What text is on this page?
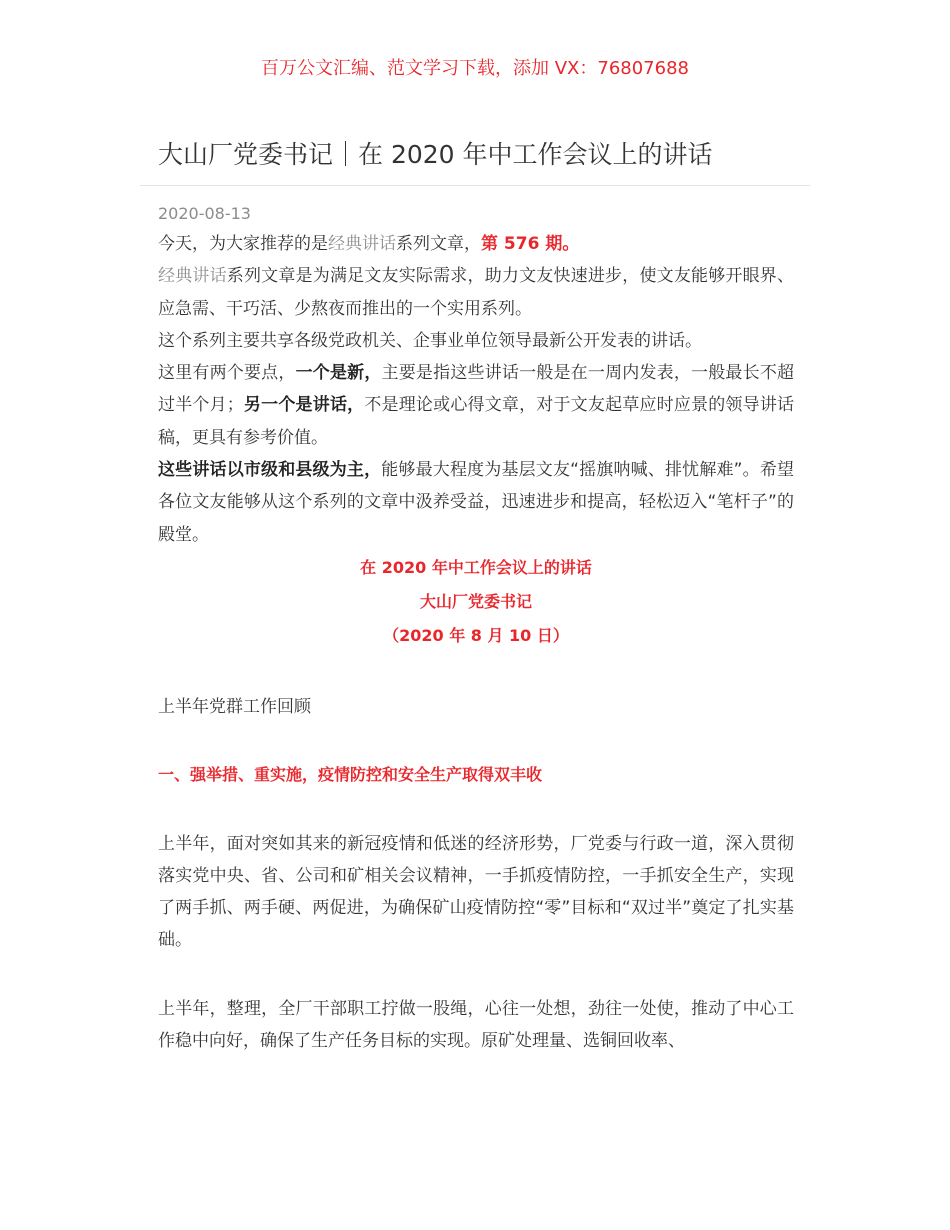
百万公文汇编、范文学习下载，添加 VX：76807688
大山厂党委书记｜在 2020 年中工作会议上的讲话
2020-08-13

今天，为大家推荐的是经典讲话系列文章，第 576 期。

经典讲话系列文章是为满足文友实际需求，助力文友快速进步，使文友能够开眼界、应急需、干巧活、少熬夜而推出的一个实用系列。

这个系列主要共享各级党政机关、企事业单位领导最新公开发表的讲话。

这里有两个要点，一个是新，主要是指这些讲话一般是在一周内发表，一般最长不超过半个月；另一个是讲话，不是理论或心得文章，对于文友起草应时应景的领导讲话稿，更具有参考价值。

这些讲话以市级和县级为主，能够最大程度为基层文友“摇旗呐喊、排忧解难”。希望各位文友能够从这个系列的文章中汲养受益，迅速进步和提高，轻松迈入“笔杆子”的殿堂。

在 2020 年中工作会议上的讲话

大山厂党委书记

（2020 年 8 月 10 日）

上半年党群工作回顾

一、强举措、重实施，疫情防控和安全生产取得双丰收

上半年，面对突如其来的新冠疫情和低迷的经济形势，厂党委与行政一道，深入贯彻落实党中央、省、公司和矿相关会议精神，一手抓疫情防控，一手抓安全生产，实现了两手抓、两手硬、两促进，为确保矿山疫情防控“零”目标和“双过半”奠定了扎实基础。

上半年，整理，全厂干部职工拧做一股绳，心往一处想，劲往一处使，推动了中心工作稳中向好，确保了生产任务目标的实现。原矿处理量、选铜回收率、
